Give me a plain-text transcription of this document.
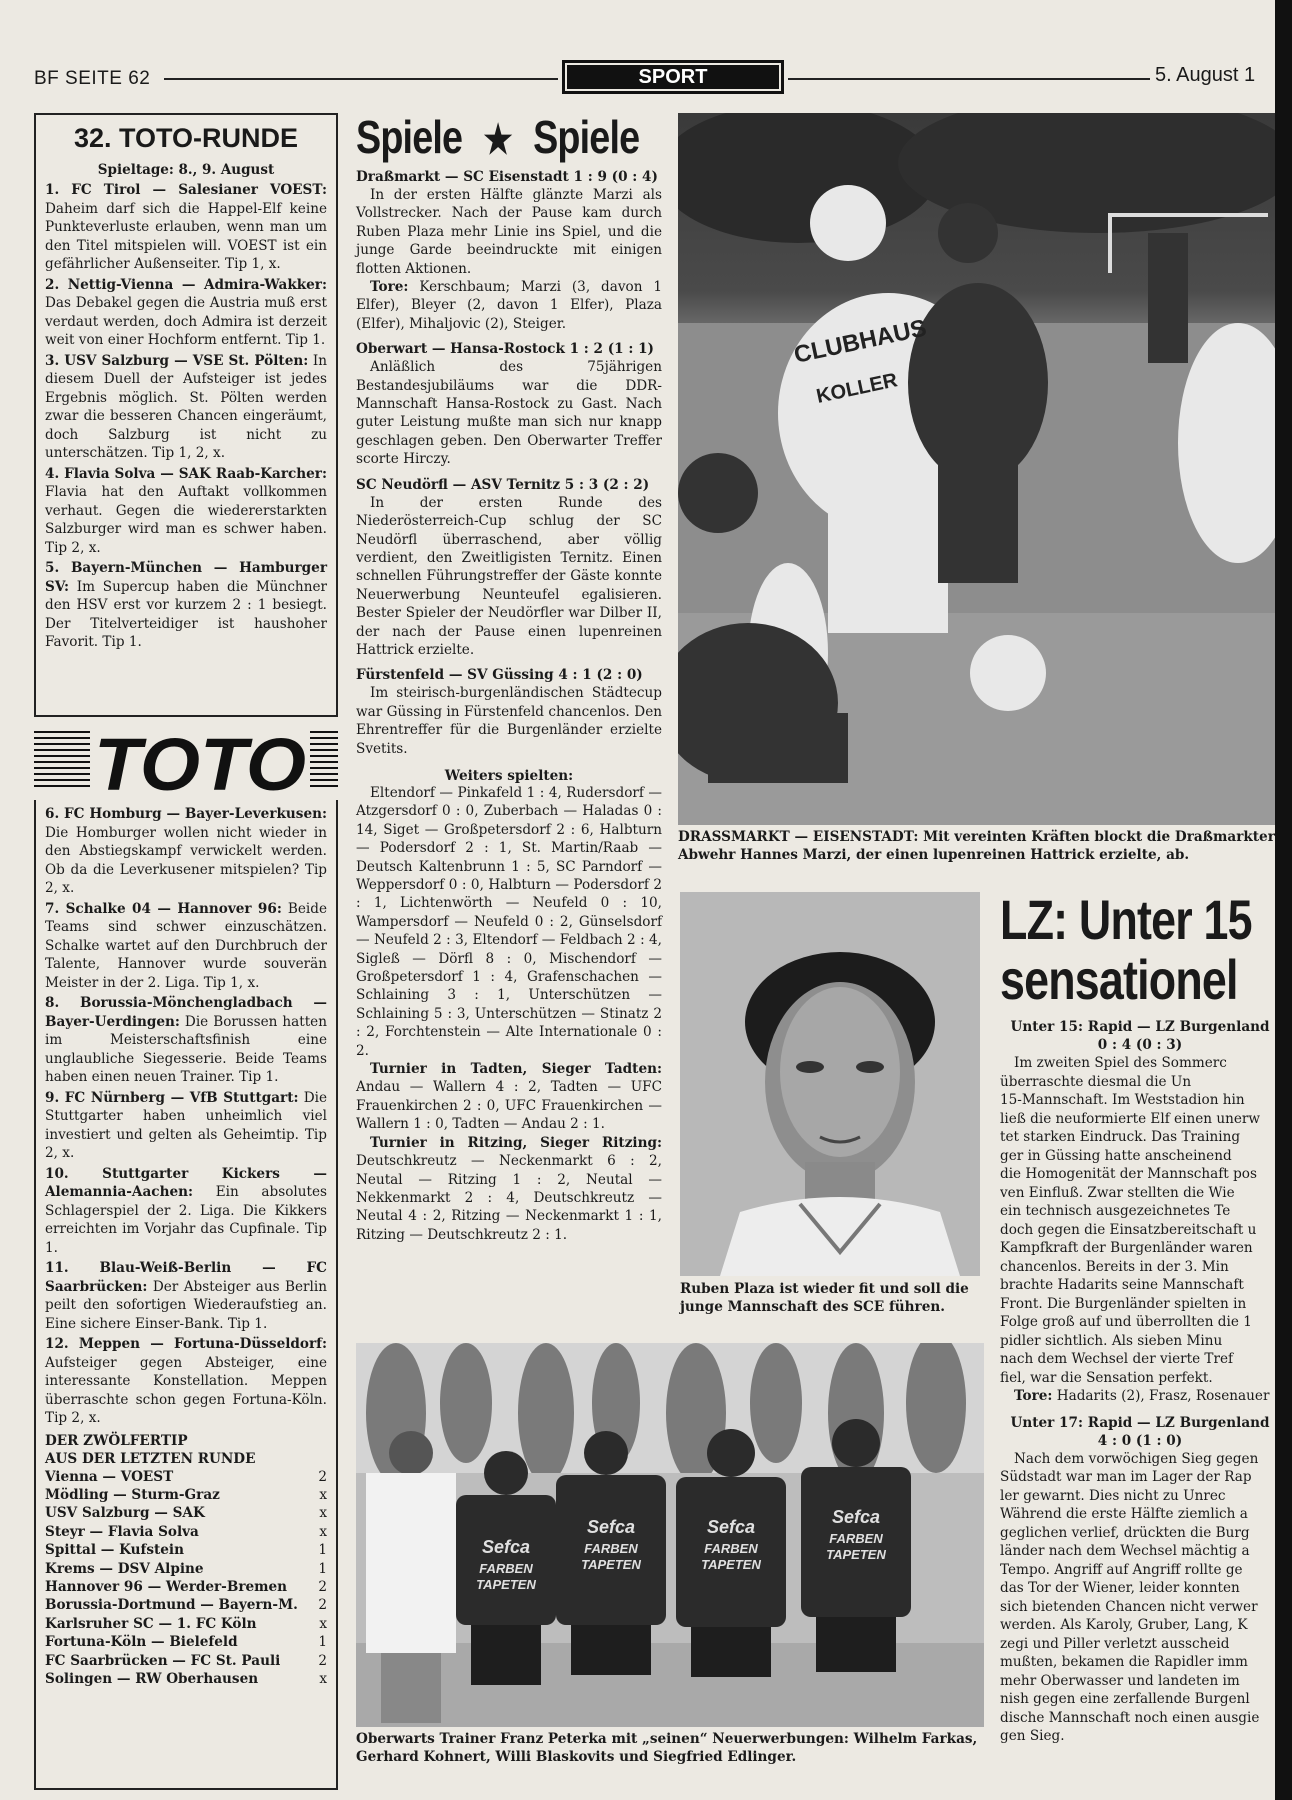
BF SEITE 62	SPORT	5. August 1
32. TOTO-RUNDE
Spieltage: 8., 9. August

1. FC Tirol — Salesianer VOEST: Daheim darf sich die Happel-Elf keine Punkteverluste erlauben, wenn man um den Titel mitspielen will. VOEST ist ein gefährlicher Außenseiter. Tip 1, x.

2. Nettig-Vienna — Admira-Wakker: Das Debakel gegen die Austria muß erst verdaut werden, doch Admira ist derzeit weit von einer Hochform entfernt. Tip 1.

3. USV Salzburg — VSE St. Pölten: In diesem Duell der Aufsteiger ist jedes Ergebnis möglich. St. Pölten werden zwar die besseren Chancen eingeräumt, doch Salzburg ist nicht zu unterschätzen. Tip 1, 2, x.

4. Flavia Solva — SAK Raab-Karcher: Flavia hat den Auftakt vollkommen verhaut. Gegen die wiedererstarkten Salzburger wird man es schwer haben. Tip 2, x.

5. Bayern-München — Hamburger SV: Im Supercup haben die Münchner den HSV erst vor kurzem 2 : 1 besiegt. Der Titelverteidiger ist haushoher Favorit. Tip 1.

TOTO

6. FC Homburg — Bayer-Leverkusen: Die Homburger wollen nicht wieder in den Abstiegskampf verwickelt werden. Ob da die Leverkusener mitspielen? Tip 2, x.

7. Schalke 04 — Hannover 96: Beide Teams sind schwer einzuschätzen. Schalke wartet auf den Durchbruch der Talente, Hannover wurde souverän Meister in der 2. Liga. Tip 1, x.

8. Borussia-Mönchengladbach — Bayer-Uerdingen: Die Borussen hatten im Meisterschaftsfinish eine unglaubliche Siegesserie. Beide Teams haben einen neuen Trainer. Tip 1.

9. FC Nürnberg — VfB Stuttgart: Die Stuttgarter haben unheimlich viel investiert und gelten als Geheimtip. Tip 2, x.

10. Stuttgarter Kickers — Alemannia-Aachen: Ein absolutes Schlagerspiel der 2. Liga. Die Kikkers erreichten im Vorjahr das Cupfinale. Tip 1.

11. Blau-Weiß-Berlin — FC Saarbrücken: Der Absteiger aus Berlin peilt den sofortigen Wiederaufstieg an. Eine sichere Einser-Bank. Tip 1.

12. Meppen — Fortuna-Düsseldorf: Aufsteiger gegen Absteiger, eine interessante Konstellation. Meppen überraschte schon gegen Fortuna-Köln. Tip 2, x.

DER ZWÖLFERTIP
AUS DER LETZTEN RUNDE
Vienna — VOEST	2
Mödling — Sturm-Graz	x
USV Salzburg — SAK	x
Steyr — Flavia Solva	x
Spittal — Kufstein	1
Krems — DSV Alpine	1
Hannover 96 — Werder-Bremen 2
Borussia-Dortmund — Bayern-M. 2
Karlsruher SC — 1. FC Köln	x
Fortuna-Köln — Bielefeld	1
FC Saarbrücken — FC St. Pauli	2
Solingen — RW Oberhausen	x
Spiele ★ Spiele
Draßmarkt — SC Eisenstadt 1 : 9 (0 : 4)

In der ersten Hälfte glänzte Marzi als Vollstrecker. Nach der Pause kam durch Ruben Plaza mehr Linie ins Spiel, und die junge Garde beeindruckte mit einigen flotten Aktionen.

Tore: Kerschbaum; Marzi (3, davon 1 Elfer), Bleyer (2, davon 1 Elfer), Plaza (Elfer), Mihaljovic (2), Steiger.

Oberwart — Hansa-Rostock 1 : 2 (1 : 1)

Anläßlich des 75jährigen Bestandesjubiläums war die DDR-Mannschaft Hansa-Rostock zu Gast. Nach guter Leistung mußte man sich nur knapp geschlagen geben. Den Oberwarter Treffer scorte Hirczy.

SC Neudörfl — ASV Ternitz 5 : 3 (2 : 2)

In der ersten Runde des Niederösterreich-Cup schlug der SC Neudörfl überraschend, aber völlig verdient, den Zweitligisten Ternitz. Einen schnellen Führungstreffer der Gäste konnte Neuerwerbung Neunteufel egalisieren. Bester Spieler der Neudörfler war Dilber II, der nach der Pause einen lupenreinen Hattrick erzielte.

Fürstenfeld — SV Güssing 4 : 1 (2 : 0)

Im steirisch-burgenländischen Städtecup war Güssing in Fürstenfeld chancenlos. Den Ehrentreffer für die Burgenländer erzielte Svetits.

Weiters spielten:

Eltendorf — Pinkafeld 1 : 4, Rudersdorf — Atzgersdorf 0 : 0, Zuberbach — Haladas 0 : 14, Siget — Großpetersdorf 2 : 6, Halbturn — Podersdorf 2 : 1, St. Martin/Raab — Deutsch Kaltenbrunn 1 : 5, SC Parndorf — Weppersdorf 0 : 0, Halbturn — Podersdorf 2 : 1, Lichtenwörth — Neufeld 0 : 10, Wampersdorf — Neufeld 0 : 2, Günselsdorf — Neufeld 2 : 3, Eltendorf — Feldbach 2 : 4, Sigleß — Dörfl 8 : 0, Mischendorf — Großpetersdorf 1 : 4, Grafenschachen — Schlaining 3 : 1, Unterschützen — Schlaining 5 : 3, Unterschützen — Stinatz 2 : 2, Forchtenstein — Alte Internationale 0 : 2.

Turnier in Tadten, Sieger Tadten: Andau — Wallern 4 : 2, Tadten — UFC Frauenkirchen 2 : 0, UFC Frauenkirchen — Wallern 1 : 0, Tadten — Andau 2 : 1.

Turnier in Ritzing, Sieger Ritzing: Deutschkreutz — Neckenmarkt 6 : 2, Neutal — Ritzing 1 : 2, Neutal — Nekkenmarkt 2 : 4, Deutschkreutz — Neutal 4 : 2, Ritzing — Neckenmarkt 1 : 1, Ritzing — Deutschkreutz 2 : 1.

CLUBHAUS
KOLLER
DRASSMARKT — EISENSTADT: Mit vereinten Kräften blockt die Draßmarkter Abwehr Hannes Marzi, der einen lupenreinen Hattrick erzielte, ab.
Ruben Plaza ist wieder fit und soll die junge Mannschaft des SCE führen.
Sefca
FARBEN
TAPETEN
Sefca
FARBEN
TAPETEN
Sefca
FARBEN
TAPETEN
Sefca
FARBEN
TAPETEN
Oberwarts Trainer Franz Peterka mit „seinen“ Neuerwerbungen: Wilhelm Farkas, Gerhard Kohnert, Willi Blaskovits und Siegfried Edlinger.
LZ: Unter 15
sensationel
Unter 15: Rapid — LZ Burgenland
0 : 4 (0 : 3)

Im zweiten Spiel des Sommerc

überraschte diesmal die Un

15-Mannschaft. Im Weststadion hin

ließ die neuformierte Elf einen unerw

tet starken Eindruck. Das Training

ger in Güssing hatte anscheinend

die Homogenität der Mannschaft pos

ven Einfluß. Zwar stellten die Wie

ein technisch ausgezeichnetes Te

doch gegen die Einsatzbereitschaft u

Kampfkraft der Burgenländer waren

chancenlos. Bereits in der 3. Min

brachte Hadarits seine Mannschaft

Front. Die Burgenländer spielten in

Folge groß auf und überrollten die 1

pidler sichtlich. Als sieben Minu

nach dem Wechsel der vierte Tref

fiel, war die Sensation perfekt.

Tore: Hadarits (2), Frasz, Rosenauer

Unter 17: Rapid — LZ Burgenland
4 : 0 (1 : 0)

Nach dem vorwöchigen Sieg gegen

Südstadt war man im Lager der Rap

ler gewarnt. Dies nicht zu Unrec

Während die erste Hälfte ziemlich a

geglichen verlief, drückten die Burg

länder nach dem Wechsel mächtig a

Tempo. Angriff auf Angriff rollte ge

das Tor der Wiener, leider konnten

sich bietenden Chancen nicht verwer

werden. Als Karoly, Gruber, Lang, K

zegi und Piller verletzt ausscheid

mußten, bekamen die Rapidler imm

mehr Oberwasser und landeten im

nish gegen eine zerfallende Burgenl

dische Mannschaft noch einen ausgie

gen Sieg.
